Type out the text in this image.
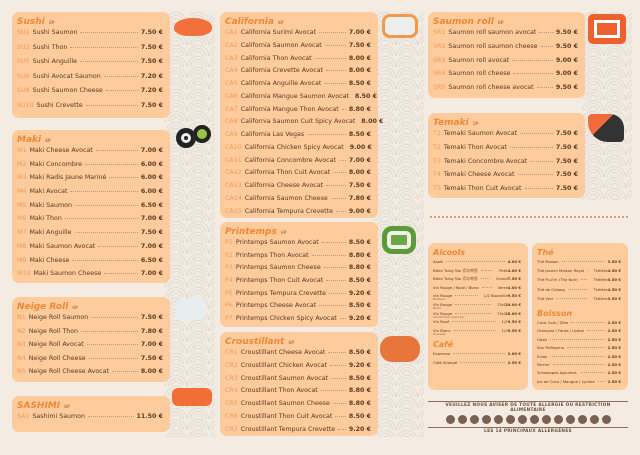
Sushi 2P
SU1 Sushi Saumon	7.50 €
SU2 Sushi Thon	7.50 €
SU5 Sushi Anguille	7.50 €
SU6 Sushi Avocat Saumon	7.20 €
SU8 Sushi Saumon Cheese	7.20 €
SU10 Sushi Crevette	7.50 €
Maki 6P
M1 Maki Cheese Avocat	7.00 €
M2 Maki Concombre	6.00 €
M3 Maki Radis Jaune Mariné	6.00 €
M4 Maki Avocat	6.00 €
M5 Maki Saumon	6.50 €
M6 Maki Thon	7.00 €
M7 Maki Anguille	7.50 €
M8 Maki Saumon Avocat	7.00 €
M9 Maki Cheese	6.50 €
M10 Maki Saumon Cheese	7.00 €
Neige Roll 6P
N1 Neige Roll Saumon	7.50 €
N2 Neige Roll Thon	7.80 €
N3 Neige Roll Avocat	7.00 €
N4 Neige Roll Cheese	7.50 €
N5 Neige Roll Cheese Avocat	8.00 €
SASHIMI 6P
SA1 Sashimi Saumon	11.50 €
California 6P
CA1 California Surimi Avocat	7.00 €
CA2 California Saumon Avocat	7.50 €
CA3 California Thon Avocat	8.00 €
CA4 California Crevette Avocat	8.00 €
CA5 California Anguille Avocat	8.50 €
CA6 California Mangue Saumon Avocat 8.50 €
CA7 California Mangue Thon Avocat 8.80 €
CA8 California Saumon Cuit Spicy Avocat 8.00 €
CA9 California Las Vegas	8.50 €
CA10 California Chicken Spicy Avocat 9.00 €
CA11 California Concombre Avocat 7.00 €
CA12 California Thon Cuit Avocat	8.00 €
CA13 California Cheese Avocat	7.50 €
CA14 California Saumon Cheese	7.80 €
CA15 California Tempura Crevette	9.00 €
Printemps 6P
P1 Printemps Saumon Avocat	8.50 €
P2 Printemps Thon Avocat	8.80 €
P3 Printemps Saumon Cheese	8.80 €
P4 Printemps Thon Cuit Avocat	8.50 €
P5 Printemps Tempura Crevette	9.20 €
P6 Printemps Cheese Avocat	8.50 €
P7 Printemps Chicken Spicy Avocat 9.20 €
Croustillant 6P
CR1 Croustillant Cheese Avocat	8.50 €
CR2 Croustillant Chicken Avocat	9.20 €
CR3 Croustillant Saumon Avocat	8.50 €
CR4 Croustillant Thon Avocat	8.80 €
CR5 Croustillant Saumon Cheese	8.80 €
CR6 Croustillant Thon Cuit Avocat	8.50 €
CR7 Croustillant Tempura Crevette 9.20 €
Saumon roll 6P
SR1 Saumon roll saumon avocat	9.50 €
SR2 Saumon roll saumon cheese	9.50 €
SR3 Saumon roll avocat	9.00 €
SR4 Saumon roll cheese	9.00 €
SR5 Saumon roll cheese avocat	9.50 €
Temaki 1P
T1 Temaki Saumon Avocat	7.50 €
T2 Temaki Thon Avocat	7.50 €
T3 Temaki Concombre Avocat	7.50 €
T4 Temaki Cheese Avocat	7.50 €
T5 Temaki Thon Cuit Avocat	7.50 €
Alcools
Asahi	4.00 €
Bière Tsing Tao 青岛啤酒	Petit 4.00 €
Bière Tsing Tao 青岛啤酒	Grand 7.50 €
Vin Rouge / Rosé / Blanc	Verre 4.00 €
Vin Rouge	1/2 Bouteille 9.50 €
Bordeaux
Vin Rouge	75cl 20.00 €
Merlot
Vin Rouge	75cl 28.00 €
Saint-Emilion Grand Cru
Vin Rosé	1/2 9.50 €
Vin Blanc	1/2 9.50 €
Muscadet
Café
Expresso	2.00 €
Café Allongé	2.50 €
Thé
Thé Maison	3.50 €
Thé Jasmin Maison Royal Théière 4.50 €
Thé Pu-Erh (The Noir)	Théière 3.50 €
Thé de Oolong	Théière 4.50 €
Thé Vert	Théière 3.50 €
Boisson
Coca Cola / Zéro	2.50 €
Orangina / Fanta / Lipton	2.50 €
Oasis	2.50 €
San Pellegrino	2.50 €
Evian	2.50 €
Perrier	2.50 €
Schweppes Agrumes	2.50 €
Jus de Coco / Mangue / Lychee	2.50 €
VEUILLEZ NOUS AVISER DE TOUTE ALLERGIE OU RESTRICTION ALIMENTAIRE
LES 14 PRINCIPAUX ALLERGÈNES
